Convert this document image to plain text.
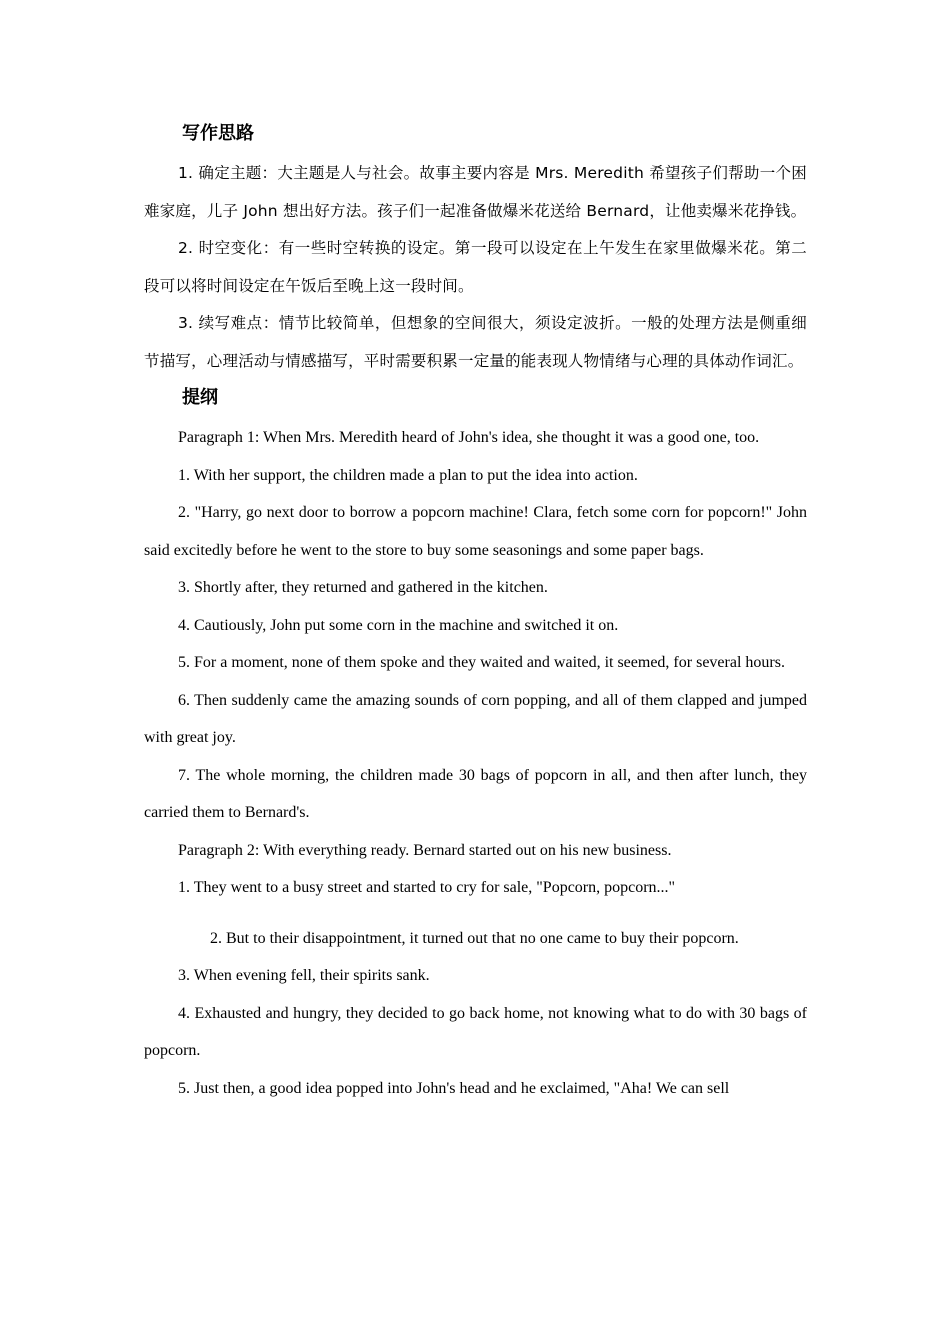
写作思路

1. 确定主题：大主题是人与社会。故事主要内容是 Mrs. Meredith 希望孩子们帮助一个困难家庭，儿子 John 想出好方法。孩子们一起准备做爆米花送给 Bernard，让他卖爆米花挣钱。

2. 时空变化：有一些时空转换的设定。第一段可以设定在上午发生在家里做爆米花。第二段可以将时间设定在午饭后至晚上这一段时间。

3. 续写难点：情节比较简单，但想象的空间很大，须设定波折。一般的处理方法是侧重细节描写，心理活动与情感描写，平时需要积累一定量的能表现人物情绪与心理的具体动作词汇。

提纲

Paragraph 1: When Mrs. Meredith heard of John's idea, she thought it was a good one, too.

1. With her support, the children made a plan to put the idea into action.

2. "Harry, go next door to borrow a popcorn machine! Clara, fetch some corn for popcorn!" John said excitedly before he went to the store to buy some seasonings and some paper bags.

3. Shortly after, they returned and gathered in the kitchen.

4. Cautiously, John put some corn in the machine and switched it on.

5. For a moment, none of them spoke and they waited and waited, it seemed, for several hours.

6. Then suddenly came the amazing sounds of corn popping, and all of them clapped and jumped with great joy.

7. The whole morning, the children made 30 bags of popcorn in all, and then after lunch, they carried them to Bernard's.

Paragraph 2: With everything ready. Bernard started out on his new business.

1. They went to a busy street and started to cry for sale, "Popcorn, popcorn..."

2. But to their disappointment, it turned out that no one came to buy their popcorn.

3. When evening fell, their spirits sank.

4. Exhausted and hungry, they decided to go back home, not knowing what to do with 30 bags of popcorn.

5. Just then, a good idea popped into John's head and he exclaimed, "Aha! We can sell
